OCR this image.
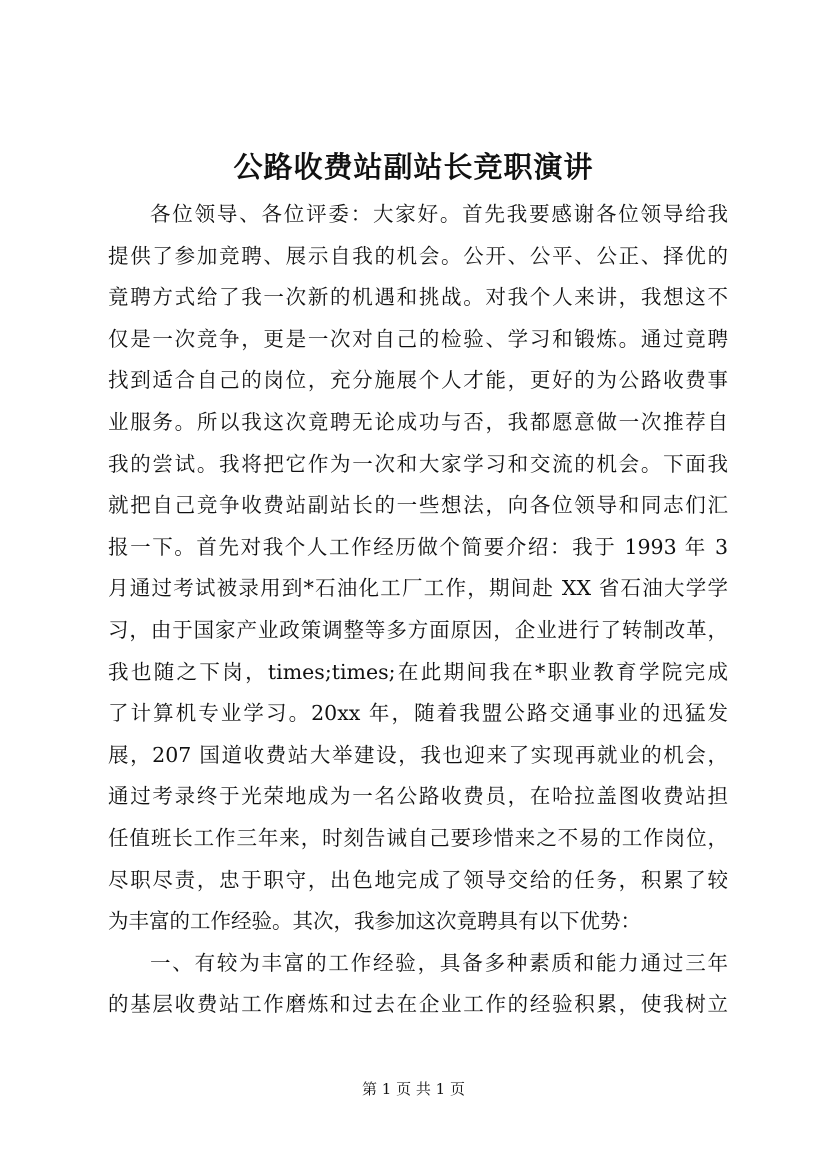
公路收费站副站长竞职演讲

各位领导、各位评委：大家好。首先我要感谢各位领导给我

提供了参加竞聘、展示自我的机会。公开、公平、公正、择优的

竟聘方式给了我一次新的机遇和挑战。对我个人来讲，我想这不

仅是一次竞争，更是一次对自己的检验、学习和锻炼。通过竟聘

找到适合自己的岗位，充分施展个人才能，更好的为公路收费事

业服务。所以我这次竟聘无论成功与否，我都愿意做一次推荐自

我的尝试。我将把它作为一次和大家学习和交流的机会。下面我

就把自己竞争收费站副站长的一些想法，向各位领导和同志们汇

报一下。首先对我个人工作经历做个简要介绍：我于 1993 年 3

月通过考试被录用到*石油化工厂工作，期间赴 XX 省石油大学学

习，由于国家产业政策调整等多方面原因，企业进行了转制改革，

我也随之下岗，times;times;在此期间我在*职业教育学院完成

了计算机专业学习。20xx 年，随着我盟公路交通事业的迅猛发

展，207 国道收费站大举建设，我也迎来了实现再就业的机会，

通过考录终于光荣地成为一名公路收费员，在哈拉盖图收费站担

任值班长工作三年来，时刻告诫自己要珍惜来之不易的工作岗位，

尽职尽责，忠于职守，出色地完成了领导交给的任务，积累了较

为丰富的工作经验。其次，我参加这次竟聘具有以下优势：

一、有较为丰富的工作经验，具备多种素质和能力通过三年

的基层收费站工作磨炼和过去在企业工作的经验积累，使我树立

第 1 页 共 1 页
